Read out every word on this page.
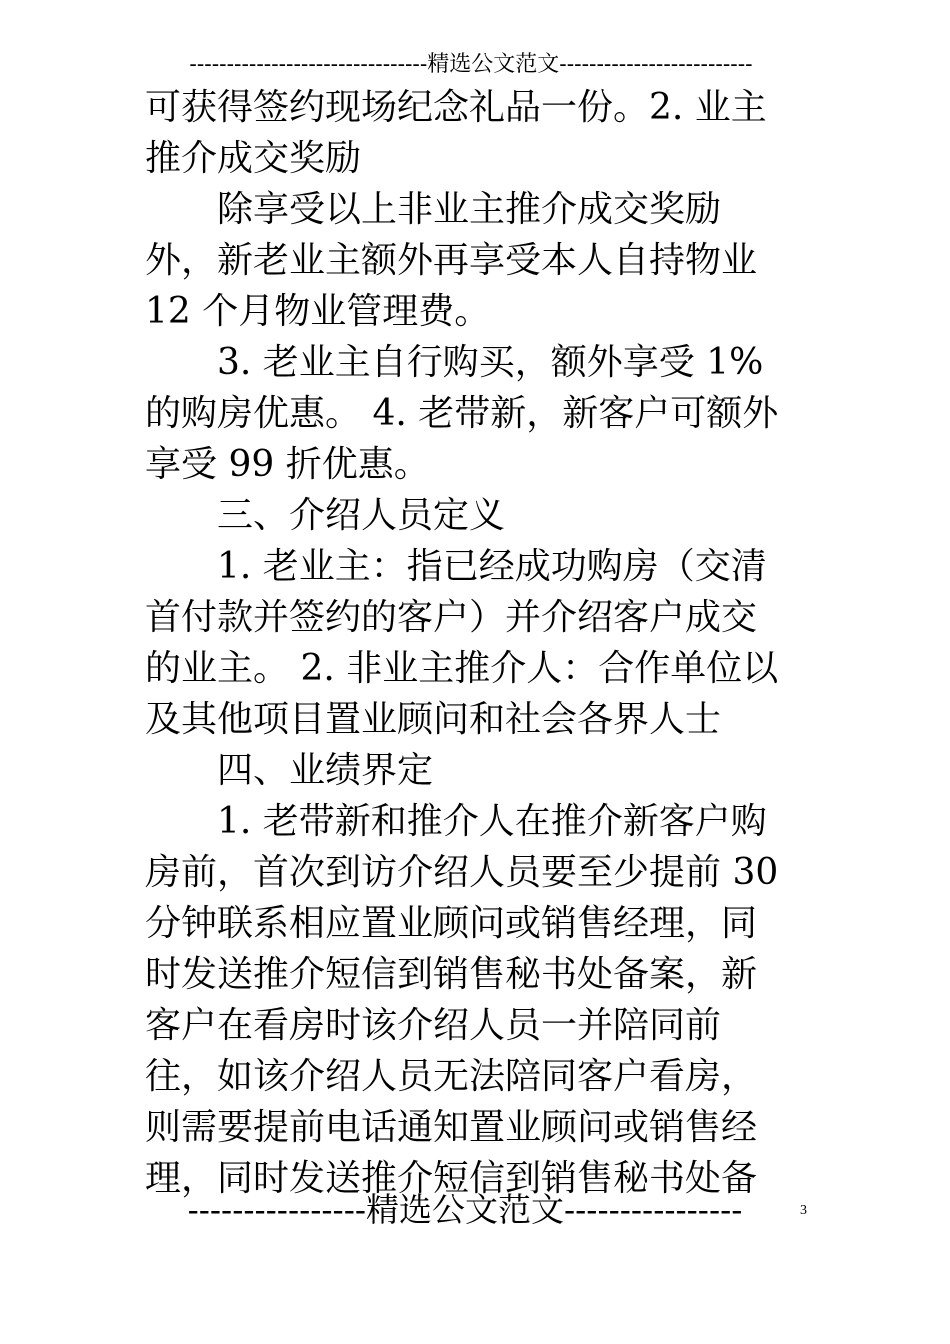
--------------------------------精选公文范文--------------------------
可获得签约现场纪念礼品一份。2. 业主
推介成交奖励
　　除享受以上非业主推介成交奖励
外，新老业主额外再享受本人自持物业
12 个月物业管理费。
　　3. 老业主自行购买，额外享受 1%
的购房优惠。 4. 老带新，新客户可额外
享受 99 折优惠。
　　三、介绍人员定义
　　1. 老业主：指已经成功购房（交清
首付款并签约的客户）并介绍客户成交
的业主。 2. 非业主推介人：合作单位以
及其他项目置业顾问和社会各界人士
　　四、业绩界定
　　1. 老带新和推介人在推介新客户购
房前，首次到访介绍人员要至少提前 30
分钟联系相应置业顾问或销售经理，同
时发送推介短信到销售秘书处备案，新
客户在看房时该介绍人员一并陪同前
往，如该介绍人员无法陪同客户看房，
则需要提前电话通知置业顾问或销售经
理，同时发送推介短信到销售秘书处备
----------------精选公文范文----------------	3
